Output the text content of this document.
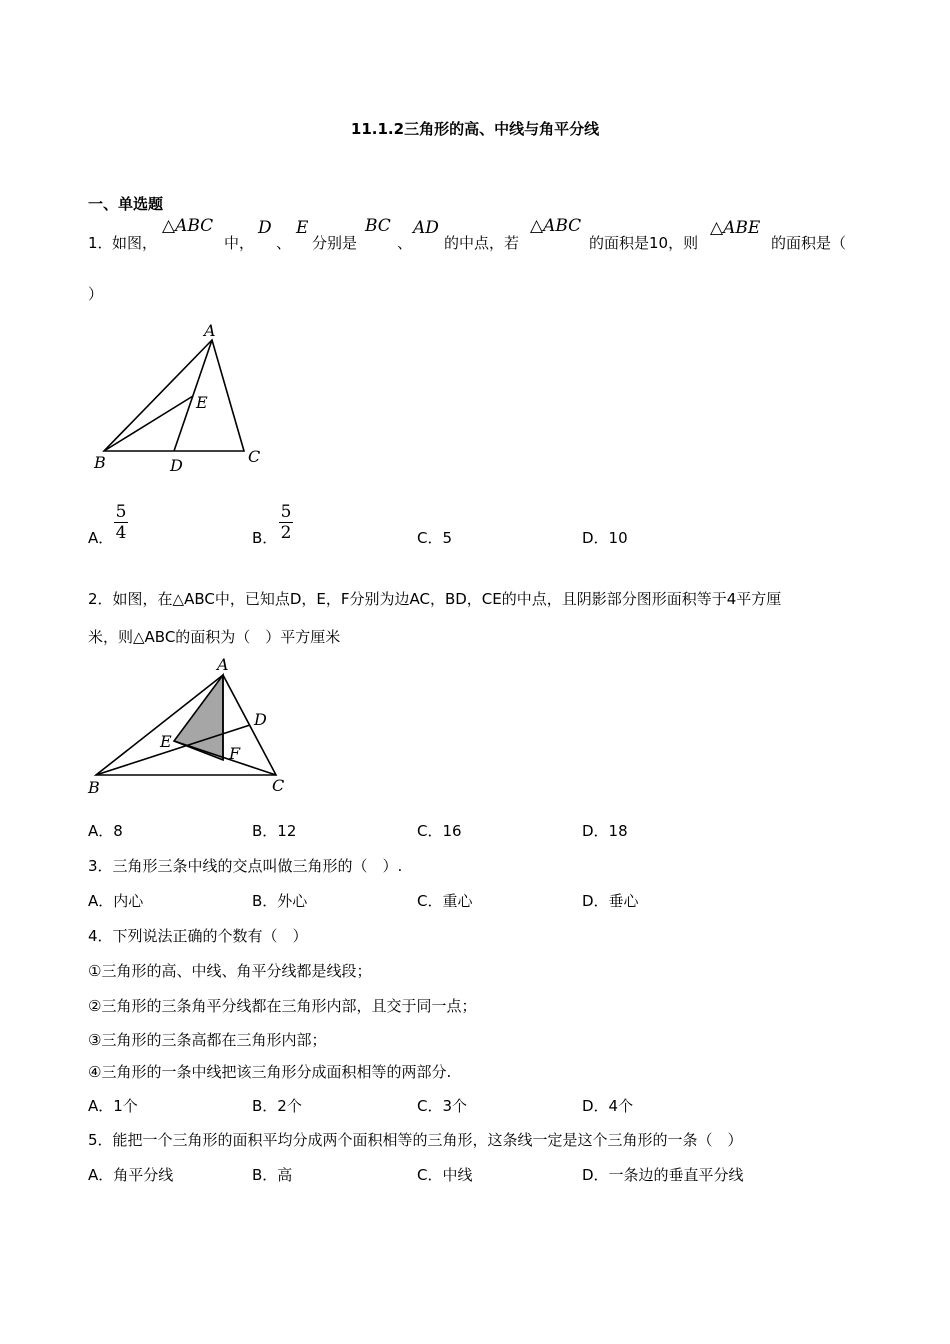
11.1.2三角形的高、中线与角平分线
一、单选题
1． 如图，
△ABC
中，
D
、
E
分别是
BC
、
AD
的中点，若
△ABC
的面积是10，则
△ABE
的面积是（
）
A
E
B	D	C
A．
5
4	B．
5
2	C．5	D．10
2．如图，在△ABC中，已知点D，E，F分别为边AC，BD，CE的中点，且阴影部分图形面积等于4平方厘
米，则△ABC的面积为（　）平方厘米
A
D
E
F
B	C
A．8	B．12	C．16	D．18
3．三角形三条中线的交点叫做三角形的（　）.
A．内心	B．外心	C．重心	D．垂心
4．下列说法正确的个数有（　）
①三角形的高、中线、角平分线都是线段；
②三角形的三条角平分线都在三角形内部，且交于同一点；
③三角形的三条高都在三角形内部；
④三角形的一条中线把该三角形分成面积相等的两部分.
A．1个	B．2个	C．3个	D．4个
5．能把一个三角形的面积平均分成两个面积相等的三角形，这条线一定是这个三角形的一条（　）
A．角平分线	B．高	C．中线	D．一条边的垂直平分线
